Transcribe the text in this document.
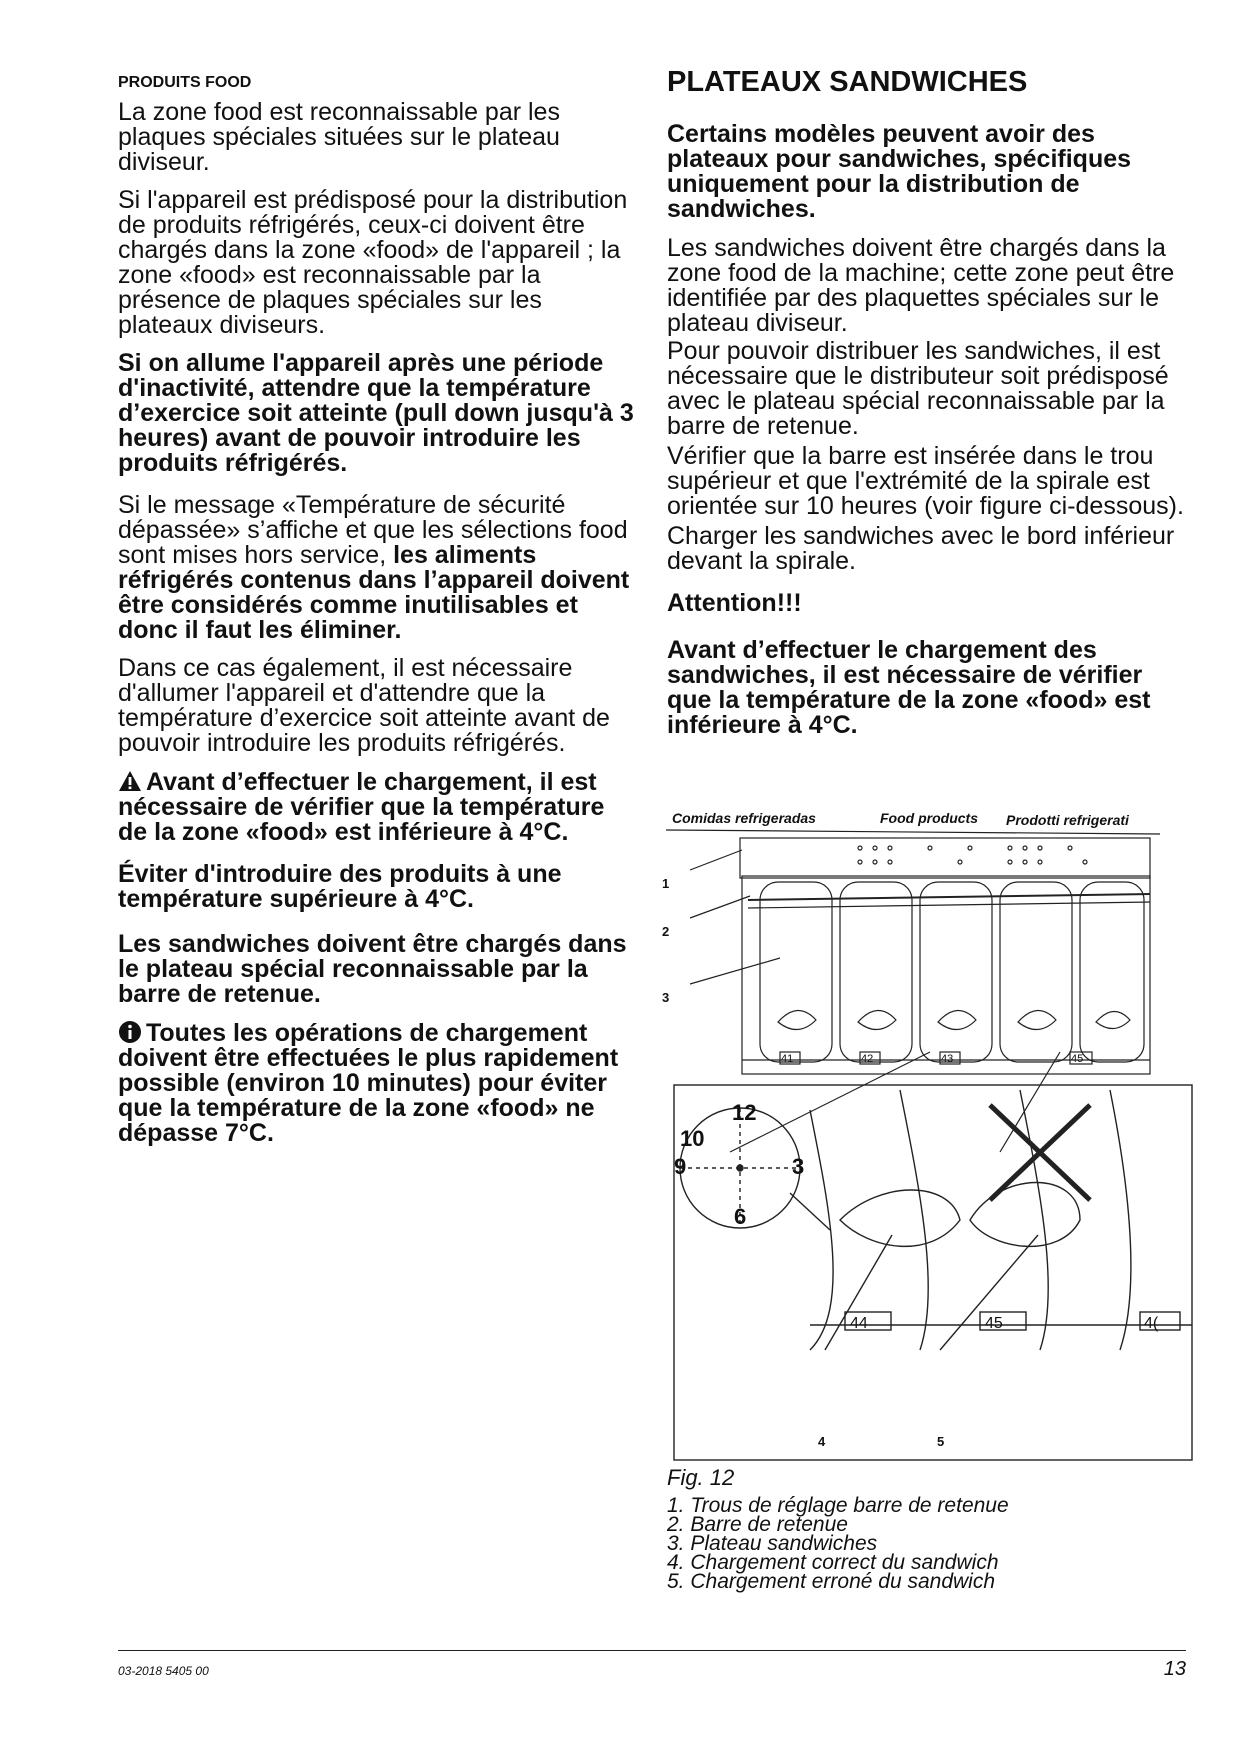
PRODUITS FOOD

La zone food est reconnaissable par les plaques spéciales situées sur le plateau diviseur.

Si l'appareil est prédisposé pour la distribution de produits réfrigérés, ceux-ci doivent être chargés dans la zone «food» de l'appareil ; la zone «food» est reconnaissable par la présence de plaques spéciales sur les plateaux diviseurs.

Si on allume l'appareil après une période d'inactivité, attendre que la température d’exercice soit atteinte (pull down jusqu'à 3 heures) avant de pouvoir introduire les produits réfrigérés.

Si le message «Température de sécurité dépassée» s’affiche et que les sélections food sont mises hors service, les aliments réfrigérés contenus dans l’appareil doivent être considérés comme inutilisables et donc il faut les éliminer.

Dans ce cas également, il est nécessaire d'allumer l'appareil et d'attendre que la température d’exercice soit atteinte avant de pouvoir introduire les produits réfrigérés.

Avant d’effectuer le chargement, il est nécessaire de vérifier que la température de la zone «food» est inférieure à 4°C.

Éviter d'introduire des produits à une température supérieure à 4°C.

Les sandwiches doivent être chargés dans le plateau spécial reconnaissable par la barre de retenue.

Toutes les opérations de chargement doivent être effectuées le plus rapidement possible (environ 10 minutes) pour éviter que la température de la zone «food» ne dépasse 7°C.

PLATEAUX SANDWICHES

Certains modèles peuvent avoir des plateaux pour sandwiches, spécifiques uniquement pour la distribution de sandwiches.

Les sandwiches doivent être chargés dans la zone food de la machine; cette zone peut être identifiée par des plaquettes spéciales sur le plateau diviseur.

Pour pouvoir distribuer les sandwiches, il est nécessaire que le distributeur soit prédisposé avec le plateau spécial reconnaissable par la barre de retenue.

Vérifier que la barre est insérée dans le trou supérieur et que l'extrémité de la spirale est orientée sur 10 heures (voir figure ci-dessous).

Charger les sandwiches avec le bord inférieur devant la spirale.

Attention!!!

Avant d’effectuer le chargement des sandwiches, il est nécessaire de vérifier que la température de la zone «food» est inférieure à 4°C.

Comidas refrigeradas	Food products Prodotti refrigerati
41	42	43	45
1
2
3
44	45	4(
12
10
9	3
6
4	5
Fig. 12
1. Trous de réglage barre de retenue
2. Barre de retenue
3. Plateau sandwiches
4. Chargement correct du sandwich
5. Chargement erroné du sandwich
03-2018 5405 00	13
